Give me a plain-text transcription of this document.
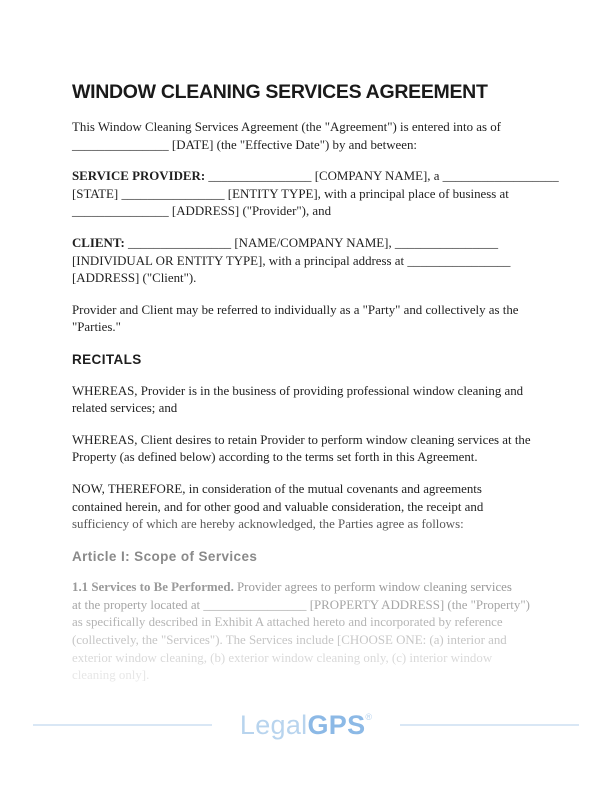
WINDOW CLEANING SERVICES AGREEMENT

This Window Cleaning Services Agreement (the "Agreement") is entered into as of
_______________ [DATE] (the "Effective Date") by and between:

SERVICE PROVIDER: ________________ [COMPANY NAME], a __________________
[STATE] ________________ [ENTITY TYPE], with a principal place of business at
_______________ [ADDRESS] ("Provider"), and

CLIENT: ________________ [NAME/COMPANY NAME], ________________
[INDIVIDUAL OR ENTITY TYPE], with a principal address at ________________
[ADDRESS] ("Client").

Provider and Client may be referred to individually as a "Party" and collectively as the
"Parties."

RECITALS

WHEREAS, Provider is in the business of providing professional window cleaning and
related services; and

WHEREAS, Client desires to retain Provider to perform window cleaning services at the
Property (as defined below) according to the terms set forth in this Agreement.

NOW, THEREFORE, in consideration of the mutual covenants and agreements
contained herein, and for other good and valuable consideration, the receipt and
sufficiency of which are hereby acknowledged, the Parties agree as follows:

Article I: Scope of Services

1.1 Services to Be Performed. Provider agrees to perform window cleaning services
at the property located at ________________ [PROPERTY ADDRESS] (the "Property")
as specifically described in Exhibit A attached hereto and incorporated by reference
(collectively, the "Services"). The Services include [CHOOSE ONE: (a) interior and
exterior window cleaning, (b) exterior window cleaning only, (c) interior window
cleaning only].

LegalGPS®
